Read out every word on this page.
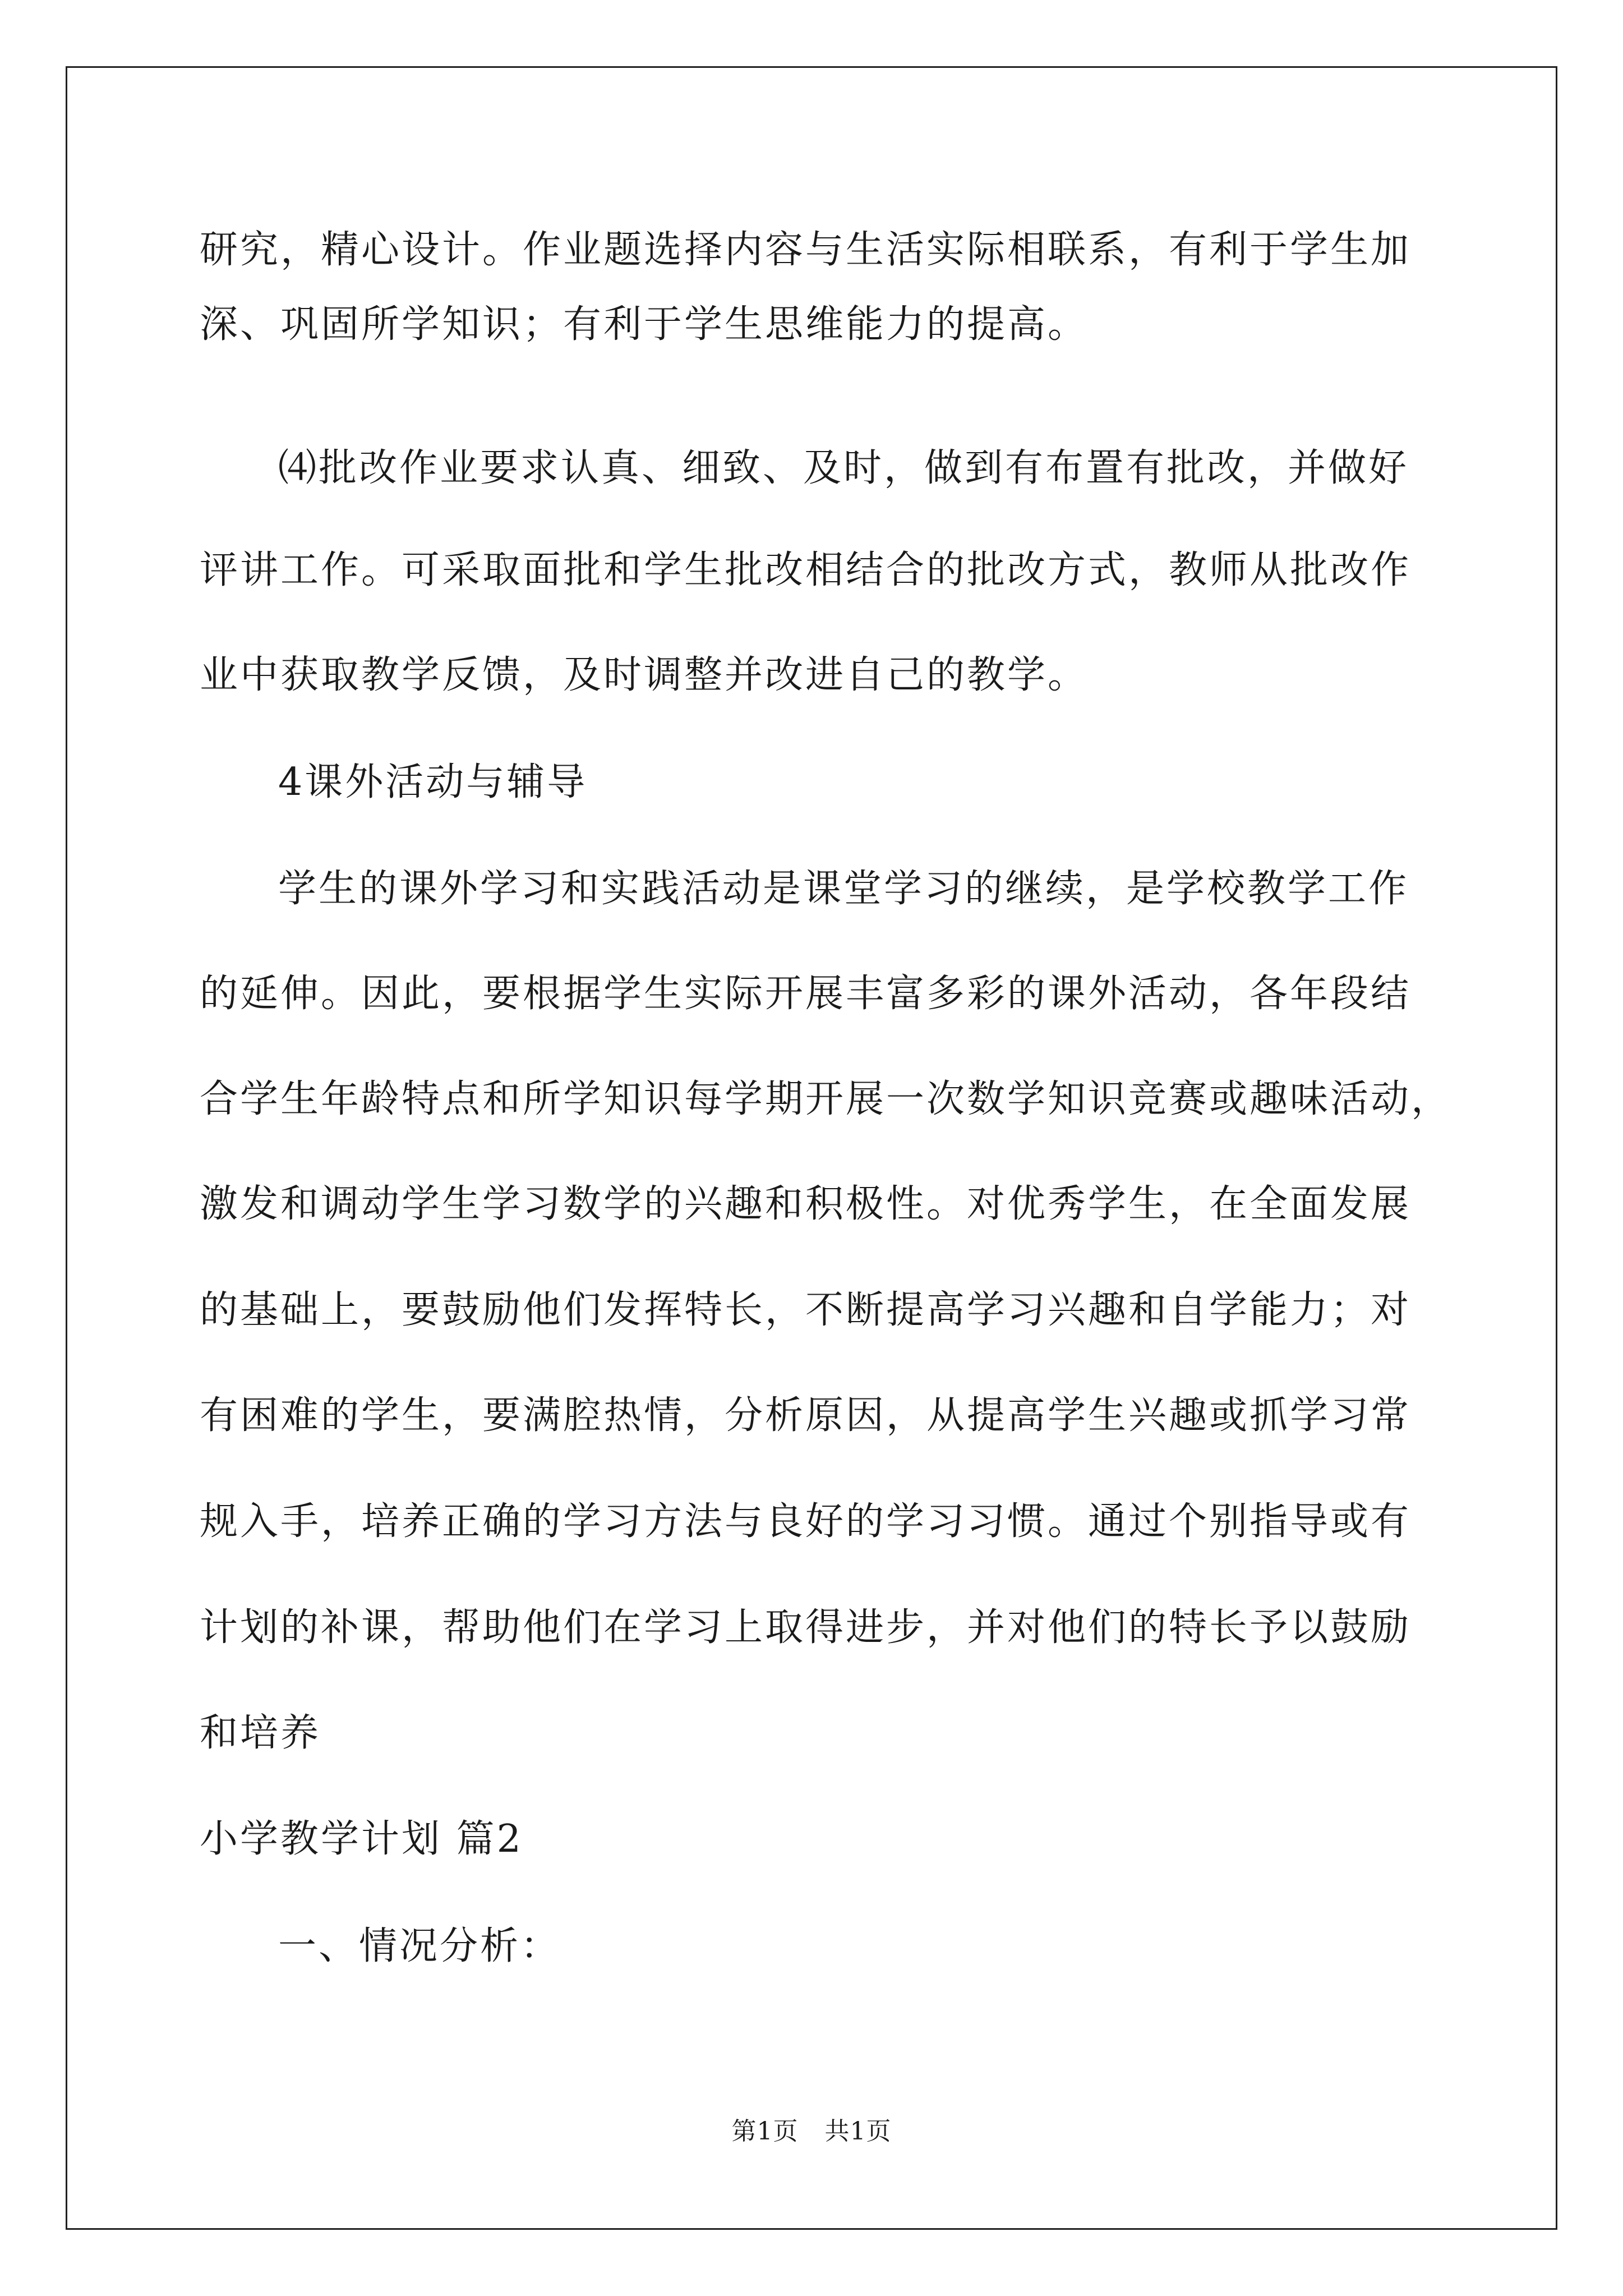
研究，精心设计。作业题选择内容与生活实际相联系，有利于学生加
深、巩固所学知识；有利于学生思维能力的提高。
⑷批改作业要求认真、细致、及时，做到有布置有批改，并做好
评讲工作。可采取面批和学生批改相结合的批改方式，教师从批改作
业中获取教学反馈，及时调整并改进自己的教学。
4课外活动与辅导
学生的课外学习和实践活动是课堂学习的继续，是学校教学工作
的延伸。因此，要根据学生实际开展丰富多彩的课外活动，各年段结
合学生年龄特点和所学知识每学期开展一次数学知识竞赛或趣味活动，
激发和调动学生学习数学的兴趣和积极性。对优秀学生，在全面发展
的基础上，要鼓励他们发挥特长，不断提高学习兴趣和自学能力；对
有困难的学生，要满腔热情，分析原因，从提高学生兴趣或抓学习常
规入手，培养正确的学习方法与良好的学习习惯。通过个别指导或有
计划的补课，帮助他们在学习上取得进步，并对他们的特长予以鼓励
和培养
小学教学计划 篇2
一、情况分析：
第1页 共1页
